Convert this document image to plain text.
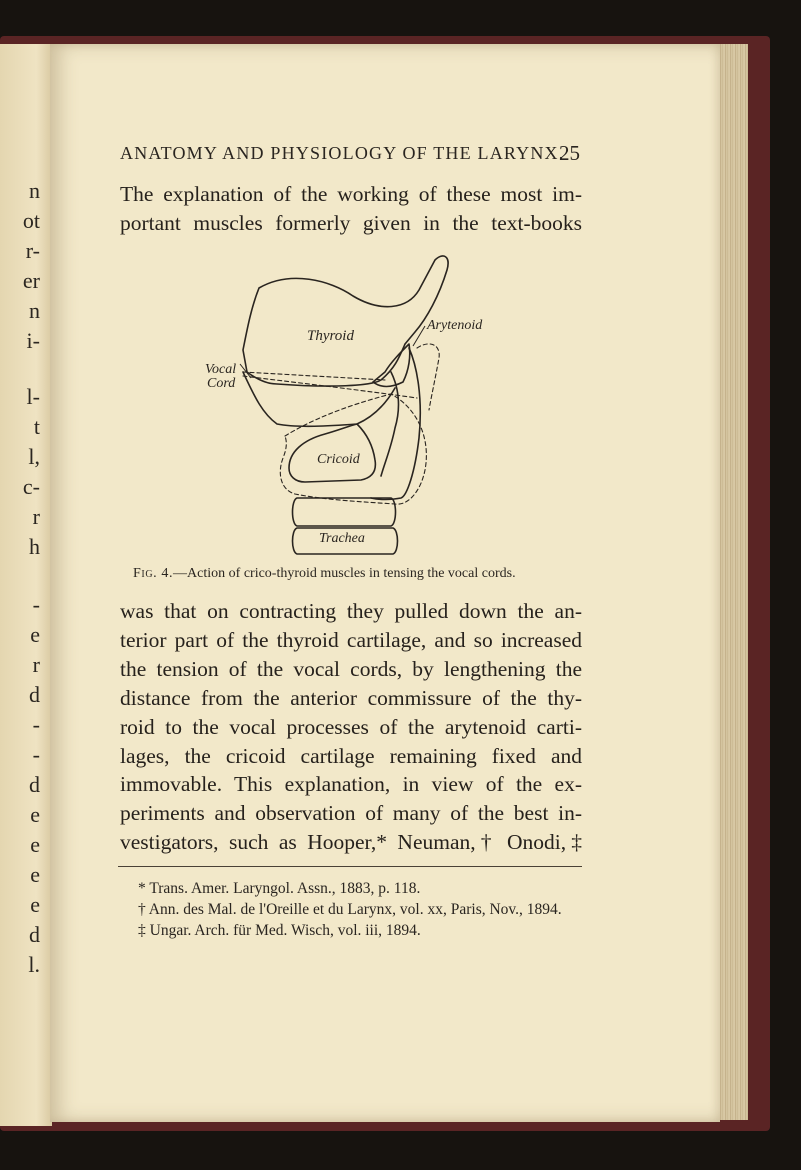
n
ot
r-
er
n
i-
l-
t
l,
c-
r
h
-
e
r
d
-
-
d
e
e
e
e
d
l.
ANATOMY AND PHYSIOLOGY OF THE LARYNX.
25
The explanation of the working of these most im-
portant muscles formerly given in the text-books
Thyroid
Arytenoid
Vocal
Cord
Cricoid
Trachea
Fig. 4.—Action of crico-thyroid muscles in tensing the vocal cords.
was that on contracting they pulled down the an-
terior part of the thyroid cartilage, and so increased
the tension of the vocal cords, by lengthening the
distance from the anterior commissure of the thy-
roid to the vocal processes of the arytenoid carti-
lages, the cricoid cartilage remaining fixed and
immovable. This explanation, in view of the ex-
periments and observation of many of the best in-
vestigators, such as Hooper,* Neuman,† Onodi,‡
* Trans. Amer. Laryngol. Assn., 1883, p. 118.
† Ann. des Mal. de l'Oreille et du Larynx, vol. xx, Paris, Nov., 1894.
‡ Ungar. Arch. für Med. Wisch, vol. iii, 1894.
